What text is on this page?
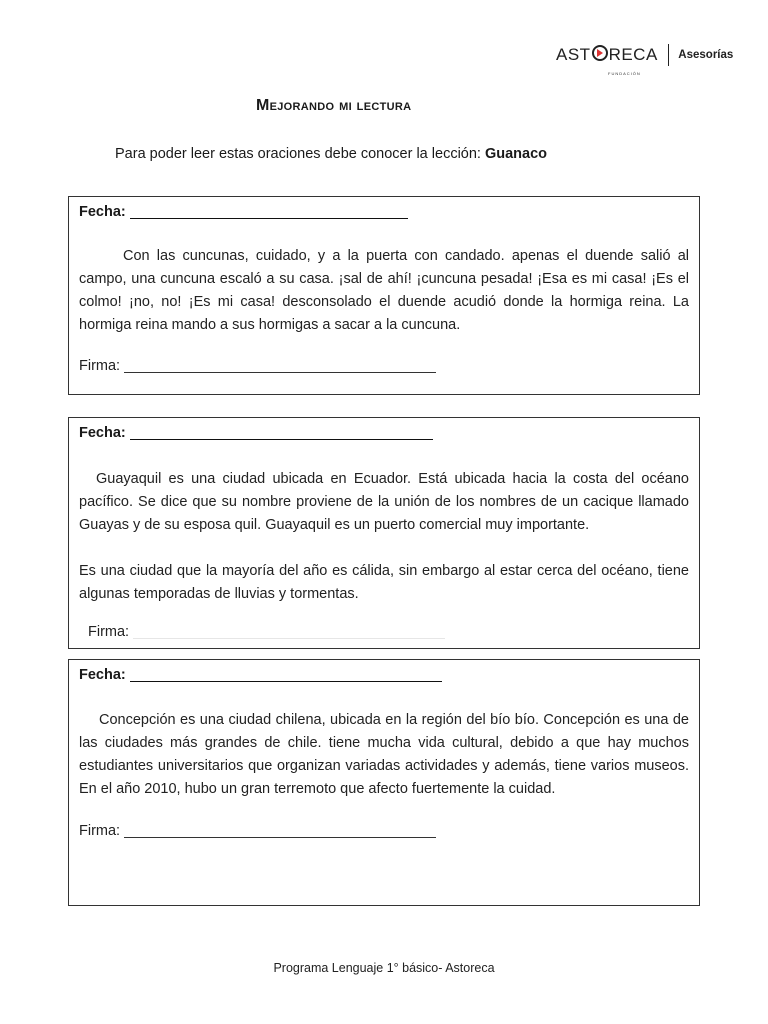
AST RECA
FUNDACIÓN
Asesorías
Mejorando mi lectura
Para poder leer estas oraciones debe conocer la lección: Guanaco
Fecha:
Con las cuncunas, cuidado, y a la puerta con candado. apenas el duende salió al campo, una cuncuna escaló a su casa. ¡sal de ahí! ¡cuncuna pesada! ¡Esa es mi casa! ¡Es el colmo! ¡no, no! ¡Es mi casa! desconsolado el duende acudió donde la hormiga reina. La hormiga reina mando a sus hormigas a sacar a la cuncuna.
Firma:
Fecha:
Guayaquil es una ciudad ubicada en Ecuador. Está ubicada hacia la costa del océano pacífico. Se dice que su nombre proviene de la unión de los nombres de un cacique llamado Guayas y de su esposa quil. Guayaquil es un puerto comercial muy importante.
Es una ciudad que la mayoría del año es cálida, sin embargo al estar cerca del océano, tiene algunas temporadas de lluvias y tormentas.
Firma:
Fecha:
Concepción es una ciudad chilena, ubicada en la región del bío bío. Concepción es una de las ciudades más grandes de chile. tiene mucha vida cultural, debido a que hay muchos estudiantes universitarios que organizan variadas actividades y además, tiene varios museos. En el año 2010, hubo un gran terremoto que afecto fuertemente la cuidad.
Firma:
Programa Lenguaje 1° básico- Astoreca
